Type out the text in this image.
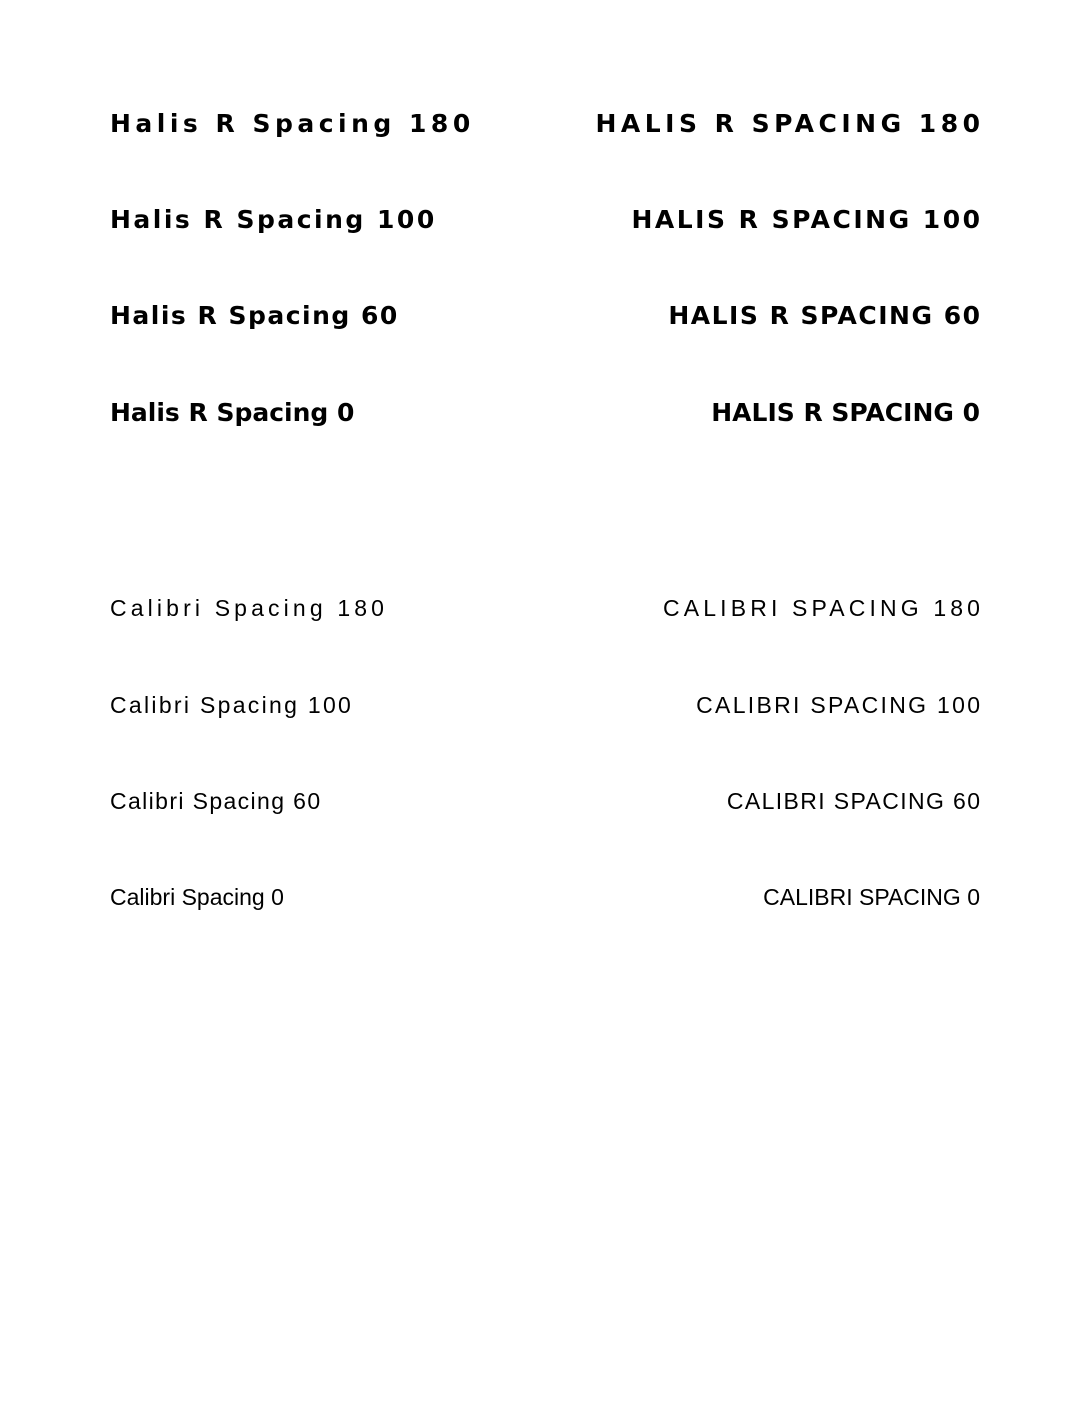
Halis R Spacing 180	HALIS R SPACING 180

Halis R Spacing 100	HALIS R SPACING 100

Halis R Spacing 60	HALIS R SPACING 60

Halis R Spacing 0	HALIS R SPACING 0

Calibri Spacing 180	CALIBRI SPACING 180

Calibri Spacing 100	CALIBRI SPACING 100

Calibri Spacing 60	CALIBRI SPACING 60

Calibri Spacing 0	CALIBRI SPACING 0
